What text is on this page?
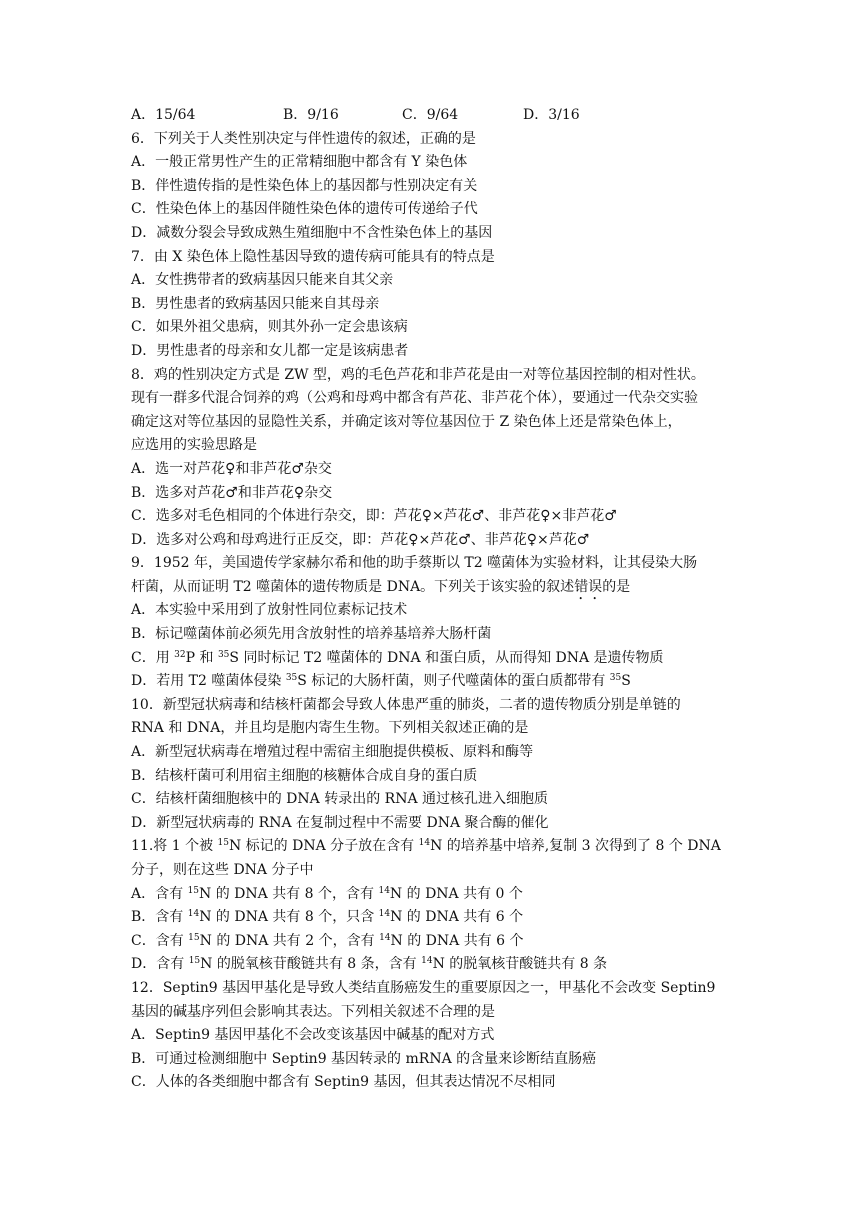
A．15/64	B．9/16	C．9/64	D．3/16
6．下列关于人类性别决定与伴性遗传的叙述，正确的是
A．一般正常男性产生的正常精细胞中都含有 Y 染色体
B．伴性遗传指的是性染色体上的基因都与性别决定有关
C．性染色体上的基因伴随性染色体的遗传可传递给子代
D．减数分裂会导致成熟生殖细胞中不含性染色体上的基因
7．由 X 染色体上隐性基因导致的遗传病可能具有的特点是
A．女性携带者的致病基因只能来自其父亲
B．男性患者的致病基因只能来自其母亲
C．如果外祖父患病，则其外孙一定会患该病
D．男性患者的母亲和女儿都一定是该病患者
8．鸡的性别决定方式是 ZW 型，鸡的毛色芦花和非芦花是由一对等位基因控制的相对性状。
现有一群多代混合饲养的鸡（公鸡和母鸡中都含有芦花、非芦花个体），要通过一代杂交实验
确定这对等位基因的显隐性关系，并确定该对等位基因位于 Z 染色体上还是常染色体上，
应选用的实验思路是
A．选一对芦花♀和非芦花♂杂交
B．选多对芦花♂和非芦花♀杂交
C．选多对毛色相同的个体进行杂交，即：芦花♀×芦花♂、非芦花♀×非芦花♂
D．选多对公鸡和母鸡进行正反交，即：芦花♀×芦花♂、非芦花♀×芦花♂
9．1952 年，美国遗传学家赫尔希和他的助手蔡斯以 T2 噬菌体为实验材料，让其侵染大肠
杆菌，从而证明 T2 噬菌体的遗传物质是 DNA。下列关于该实验的叙述错误的是
A．本实验中采用到了放射性同位素标记技术
B．标记噬菌体前必须先用含放射性的培养基培养大肠杆菌
C．用 $^{32}$P 和 $^{35}$S 同时标记 T2 噬菌体的 DNA 和蛋白质，从而得知 DNA 是遗传物质
D．若用 T2 噬菌体侵染 $^{35}$S 标记的大肠杆菌，则子代噬菌体的蛋白质都带有 $^{35}$S
10．新型冠状病毒和结核杆菌都会导致人体患严重的肺炎，二者的遗传物质分别是单链的
RNA 和 DNA，并且均是胞内寄生生物。下列相关叙述正确的是
A．新型冠状病毒在增殖过程中需宿主细胞提供模板、原料和酶等
B．结核杆菌可利用宿主细胞的核糖体合成自身的蛋白质
C．结核杆菌细胞核中的 DNA 转录出的 RNA 通过核孔进入细胞质
D．新型冠状病毒的 RNA 在复制过程中不需要 DNA 聚合酶的催化
11.将 1 个被 $^{15}$N 标记的 DNA 分子放在含有 $^{14}$N 的培养基中培养,复制 3 次得到了 8 个 DNA
分子，则在这些 DNA 分子中
A．含有 $^{15}$N 的 DNA 共有 8 个，含有 $^{14}$N 的 DNA 共有 0 个
B．含有 $^{14}$N 的 DNA 共有 8 个，只含 $^{14}$N 的 DNA 共有 6 个
C．含有 $^{15}$N 的 DNA 共有 2 个，含有 $^{14}$N 的 DNA 共有 6 个
D．含有 $^{15}$N 的脱氧核苷酸链共有 8 条，含有 $^{14}$N 的脱氧核苷酸链共有 8 条
12．Septin9 基因甲基化是导致人类结直肠癌发生的重要原因之一，甲基化不会改变 Septin9
基因的碱基序列但会影响其表达。下列相关叙述不合理的是
A．Septin9 基因甲基化不会改变该基因中碱基的配对方式
B．可通过检测细胞中 Septin9 基因转录的 mRNA 的含量来诊断结直肠癌
C．人体的各类细胞中都含有 Septin9 基因，但其表达情况不尽相同
